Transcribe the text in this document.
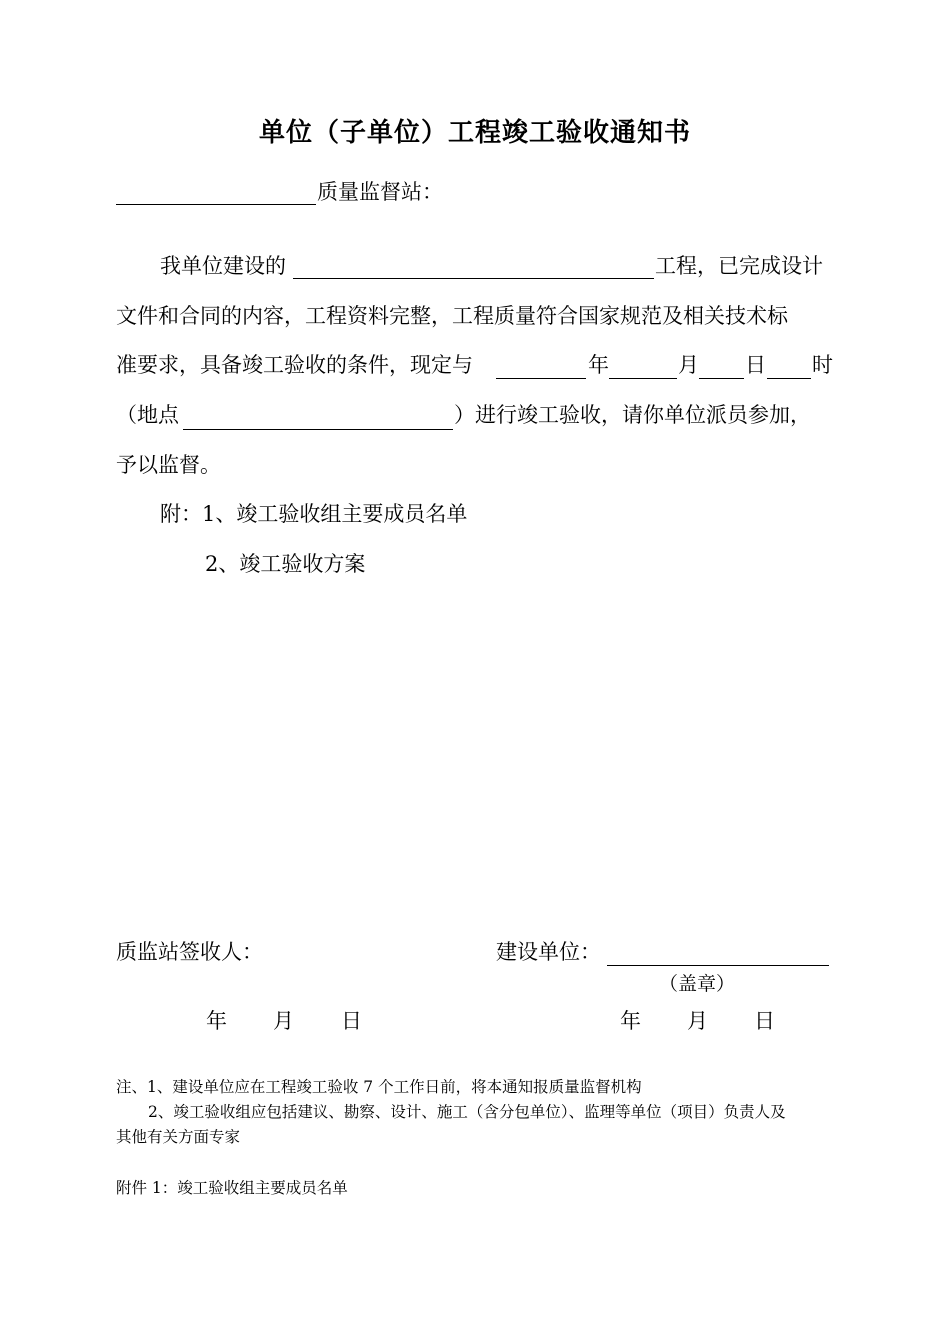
单位（子单位）工程竣工验收通知书
质量监督站：
我单位建设的	工程，已完成设计
文件和合同的内容，工程资料完整，工程质量符合国家规范及相关技术标
准要求，具备竣工验收的条件，现定与	年	月 日 时
（地点	）进行竣工验收，请你单位派员参加，
予以监督。
附：1、竣工验收组主要成员名单
2、竣工验收方案
质监站签收人：	建设单位：
（盖章）
年 月 日	年 月 日
注、1、建设单位应在工程竣工验收 7 个工作日前，将本通知报质量监督机构
2、竣工验收组应包括建议、勘察、设计、施工（含分包单位）、监理等单位（项目）负责人及
其他有关方面专家
附件 1：竣工验收组主要成员名单
